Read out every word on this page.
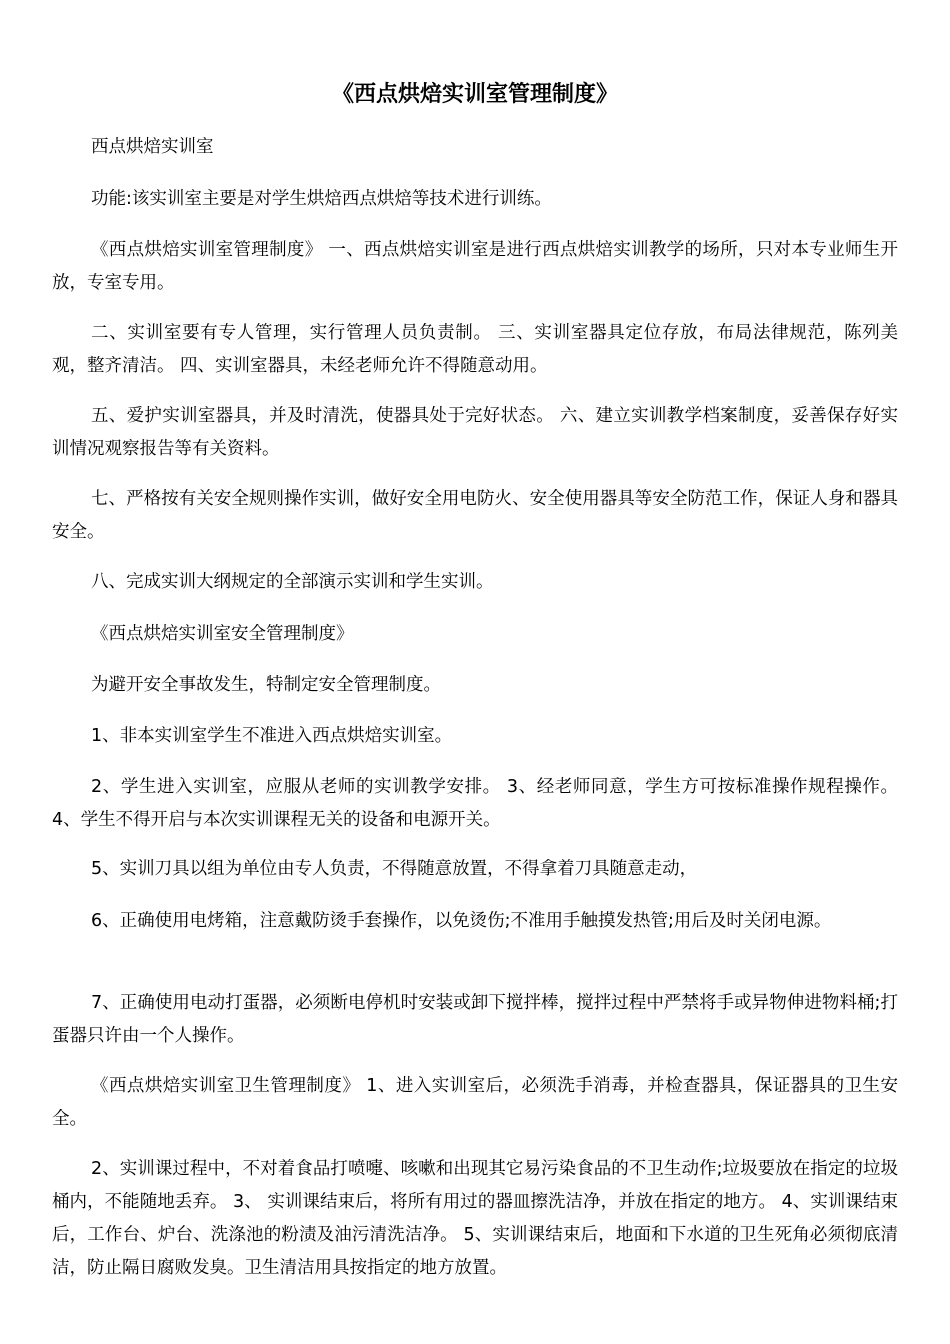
《西点烘焙实训室管理制度》

西点烘焙实训室

功能:该实训室主要是对学生烘焙西点烘焙等技术进行训练。

《西点烘焙实训室管理制度》 一、西点烘焙实训室是进行西点烘焙实训教学的场所，只对本专业师生开放，专室专用。

二、实训室要有专人管理，实行管理人员负责制。 三、实训室器具定位存放，布局法律规范，陈列美观，整齐清洁。 四、实训室器具，未经老师允许不得随意动用。

五、爱护实训室器具，并及时清洗，使器具处于完好状态。 六、建立实训教学档案制度，妥善保存好实训情况观察报告等有关资料。

七、严格按有关安全规则操作实训，做好安全用电防火、安全使用器具等安全防范工作，保证人身和器具安全。

八、完成实训大纲规定的全部演示实训和学生实训。

《西点烘焙实训室安全管理制度》

为避开安全事故发生，特制定安全管理制度。

1、非本实训室学生不准进入西点烘焙实训室。

2、学生进入实训室，应服从老师的实训教学安排。 3、经老师同意，学生方可按标准操作规程操作。 4、学生不得开启与本次实训课程无关的设备和电源开关。

5、实训刀具以组为单位由专人负责，不得随意放置，不得拿着刀具随意走动，

6、正确使用电烤箱，注意戴防烫手套操作，以免烫伤;不准用手触摸发热管;用后及时关闭电源。

7、正确使用电动打蛋器，必须断电停机时安装或卸下搅拌棒，搅拌过程中严禁将手或异物伸进物料桶;打蛋器只许由一个人操作。

《西点烘焙实训室卫生管理制度》 1、进入实训室后，必须洗手消毒，并检查器具，保证器具的卫生安全。

2、实训课过程中，不对着食品打喷嚏、咳嗽和出现其它易污染食品的不卫生动作;垃圾要放在指定的垃圾桶内，不能随地丢弃。 3、 实训课结束后，将所有用过的器皿擦洗洁净，并放在指定的地方。 4、实训课结束后，工作台、炉台、洗涤池的粉渍及油污清洗洁净。 5、实训课结束后，地面和下水道的卫生死角必须彻底清洁，防止隔日腐败发臭。卫生清洁用具按指定的地方放置。
